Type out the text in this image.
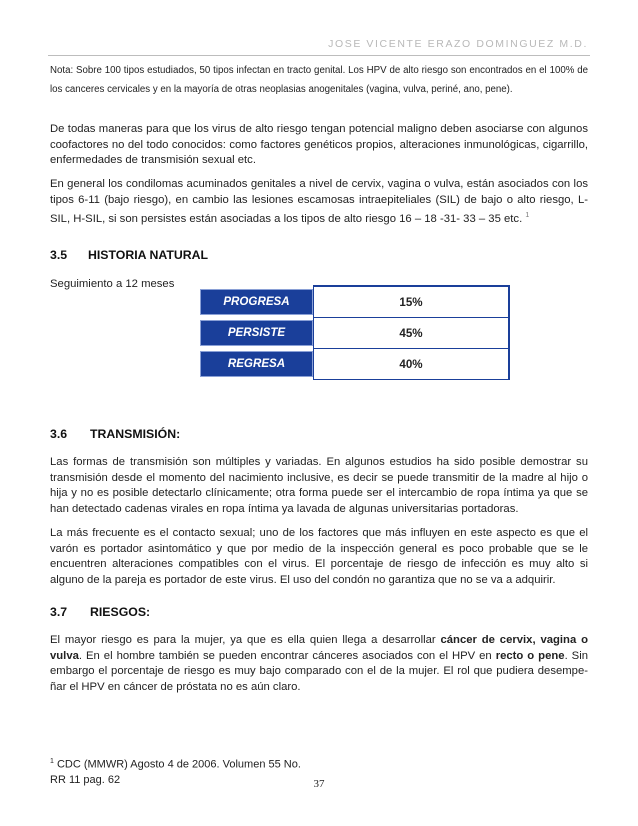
JOSE VICENTE ERAZO DOMINGUEZ M.D.

Nota: Sobre 100 tipos estudiados, 50 tipos infectan en tracto genital. Los HPV de alto riesgo son encontrados en el 100% de los canceres cervicales y en la mayoría de otras neoplasias anogenitales (vagina, vulva, periné, ano, pene).

De todas maneras para que los virus de alto riesgo tengan potencial maligno deben asociarse con algunos coofactores no del todo conocidos: como factores genéticos propios, alteraciones inmunológicas, cigarrillo, enfermedades de transmisión sexual etc.

En general los condilomas acuminados genitales a nivel de cervix, vagina o vulva, están asociados con los tipos 6-11 (bajo riesgo), en cambio las lesiones escamosas intraepiteliales (SIL) de bajo o alto riesgo, L-SIL, H-SIL, si son persistes están asociadas a los tipos de alto riesgo 16 – 18 -31- 33 – 35 etc. $^1$

3.5 HISTORIA NATURAL

Seguimiento a 12 meses

PROGRESA	15%

PERSISTE	45%

REGRESA	40%
3.6 TRANSMISIÓN:

Las formas de transmisión son múltiples y variadas. En algunos estudios ha sido posible demostrar su transmisión desde el momento del nacimiento inclusive, es decir se puede transmitir de la madre al hijo o hija y no es posible detectarlo clínicamente; otra forma puede ser el intercambio de ropa íntima ya que se han detectado cadenas virales en ropa íntima ya lavada de algunas universitarias portadoras.

La más frecuente es el contacto sexual; uno de los factores que más influyen en este aspecto es que el varón es portador asintomático y que por medio de la inspección general es poco probable que se le encuentren alteraciones compatibles con el virus. El porcentaje de riesgo de infección es muy alto si alguno de la pareja es portador de este virus. El uso del condón no garantiza que no se va a adquirir.

3.7 RIESGOS:

El mayor riesgo es para la mujer, ya que es ella quien llega a desarrollar cáncer de cervix, vagina o vulva. En el hombre también se pueden encontrar cánceres asociados con el HPV en recto o pene. Sin embargo el porcentaje de riesgo es muy bajo comparado con el de la mujer. El rol que pudiera desempe-ñar el HPV en cáncer de próstata no es aún claro.

$^1$ CDC (MMWR) Agosto 4 de 2006. Volumen 55 No.
RR 11 pag. 62	37
